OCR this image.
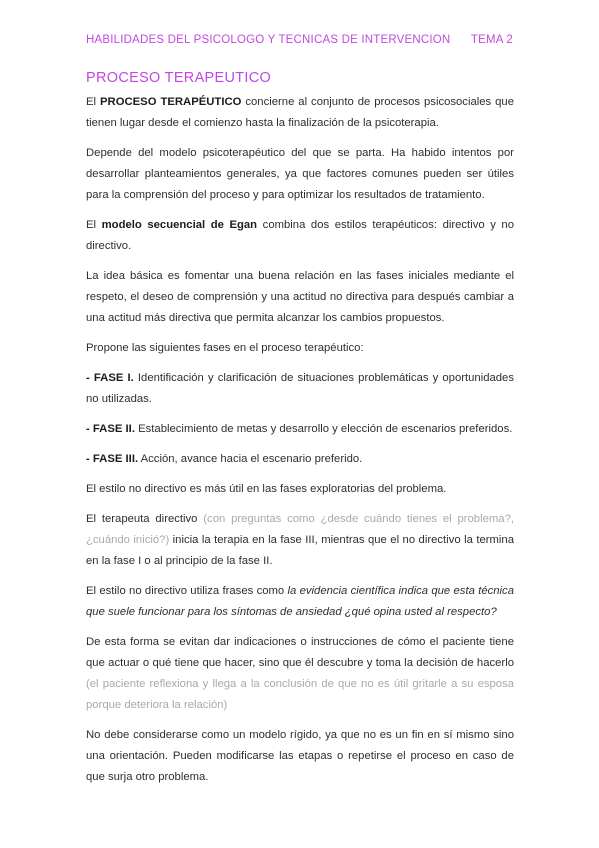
HABILIDADES DEL PSICOLOGO Y TECNICAS DE INTERVENCION TEMA 2
PROCESO TERAPEUTICO

El PROCESO TERAPÉUTICO concierne al conjunto de procesos psicosociales que tienen lugar desde el comienzo hasta la finalización de la psicoterapia.

Depende del modelo psicoterapéutico del que se parta. Ha habido intentos por desarrollar planteamientos generales, ya que factores comunes pueden ser útiles para la comprensión del proceso y para optimizar los resultados de tratamiento.

El modelo secuencial de Egan combina dos estilos terapéuticos: directivo y no directivo.

La idea básica es fomentar una buena relación en las fases iniciales mediante el respeto, el deseo de comprensión y una actitud no directiva para después cambiar a una actitud más directiva que permita alcanzar los cambios propuestos.

Propone las siguientes fases en el proceso terapéutico:

- FASE I. Identificación y clarificación de situaciones problemáticas y oportunidades no utilizadas.

- FASE II. Establecimiento de metas y desarrollo y elección de escenarios preferidos.

- FASE III. Acción, avance hacia el escenario preferido.

El estilo no directivo es más útil en las fases exploratorias del problema.

El terapeuta directivo (con preguntas como ¿desde cuándo tienes el problema?, ¿cuándo inició?) inicia la terapia en la fase III, mientras que el no directivo la termina en la fase I o al principio de la fase II.

El estilo no directivo utiliza frases como la evidencia científica indica que esta técnica que suele funcionar para los síntomas de ansiedad ¿qué opina usted al respecto?

De esta forma se evitan dar indicaciones o instrucciones de cómo el paciente tiene que actuar o qué tiene que hacer, sino que él descubre y toma la decisión de hacerlo (el paciente reflexiona y llega a la conclusión de que no es útil gritarle a su esposa porque deteriora la relación)

No debe considerarse como un modelo rígido, ya que no es un fin en sí mismo sino una orientación. Pueden modificarse las etapas o repetirse el proceso en caso de que surja otro problema.
